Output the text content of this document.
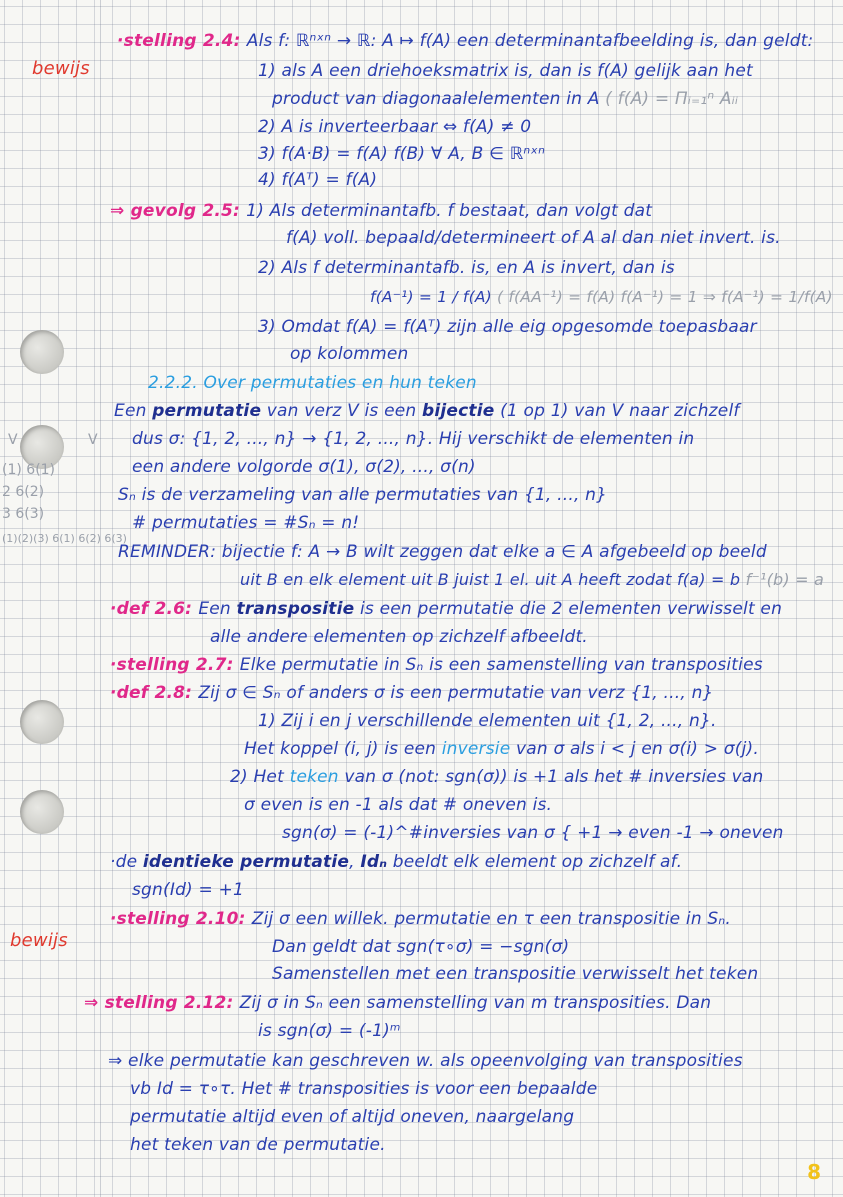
bewijs
bewijs
V	V
(1) 6(1)
2 6(2)
3 6(3)
(1)(2)(3) 6(1) 6(2) 6(3)
·stelling 2.4: Als f: ℝⁿˣⁿ → ℝ: A ↦ f(A) een determinantafbeelding is, dan geldt:
1) als A een driehoeksmatrix is, dan is f(A) gelijk aan het
product van diagonaalelementen in A ( f(A) = Πᵢ₌₁ⁿ Aᵢᵢ
2) A is inverteerbaar ⇔ f(A) ≠ 0
3) f(A·B) = f(A) f(B) ∀ A, B ∈ ℝⁿˣⁿ
4) f(Aᵀ) = f(A)
⇒ gevolg 2.5: 1) Als determinantafb. f bestaat, dan volgt dat
f(A) voll. bepaald/determineert of A al dan niet invert. is.
2) Als f determinantafb. is, en A is invert, dan is
f(A⁻¹) = 1 / f(A) ( f(AA⁻¹) = f(A) f(A⁻¹) = 1 ⇒ f(A⁻¹) = 1/f(A)
3) Omdat f(A) = f(Aᵀ) zijn alle eig opgesomde toepasbaar
op kolommen
2.2.2. Over permutaties en hun teken
Een permutatie van verz V is een bijectie (1 op 1) van V naar zichzelf
dus σ: {1, 2, ..., n} → {1, 2, ..., n}. Hij verschikt de elementen in
een andere volgorde σ(1), σ(2), ..., σ(n)
Sₙ is de verzameling van alle permutaties van {1, ..., n}
# permutaties = #Sₙ = n!
REMINDER: bijectie f: A → B wilt zeggen dat elke a ∈ A afgebeeld op beeld
uit B en elk element uit B juist 1 el. uit A heeft zodat f(a) = b f⁻¹(b) = a
·def 2.6: Een transpositie is een permutatie die 2 elementen verwisselt en
alle andere elementen op zichzelf afbeeldt.
·stelling 2.7: Elke permutatie in Sₙ is een samenstelling van transposities
·def 2.8: Zij σ ∈ Sₙ of anders σ is een permutatie van verz {1, ..., n}
1) Zij i en j verschillende elementen uit {1, 2, ..., n}.
Het koppel (i, j) is een inversie van σ als i < j en σ(i) > σ(j).
2) Het teken van σ (not: sgn(σ)) is +1 als het # inversies van
σ even is en -1 als dat # oneven is.
sgn(σ) = (-1)^#inversies van σ { +1 → even -1 → oneven
·de identieke permutatie, Idₙ beeldt elk element op zichzelf af.
sgn(Id) = +1
·stelling 2.10: Zij σ een willek. permutatie en τ een transpositie in Sₙ.
Dan geldt dat sgn(τ∘σ) = −sgn(σ)
Samenstellen met een transpositie verwisselt het teken
⇒ stelling 2.12: Zij σ in Sₙ een samenstelling van m transposities. Dan
is sgn(σ) = (-1)ᵐ
⇒ elke permutatie kan geschreven w. als opeenvolging van transposities
vb Id = τ∘τ. Het # transposities is voor een bepaalde
permutatie altijd even of altijd oneven, naargelang
het teken van de permutatie.
8
